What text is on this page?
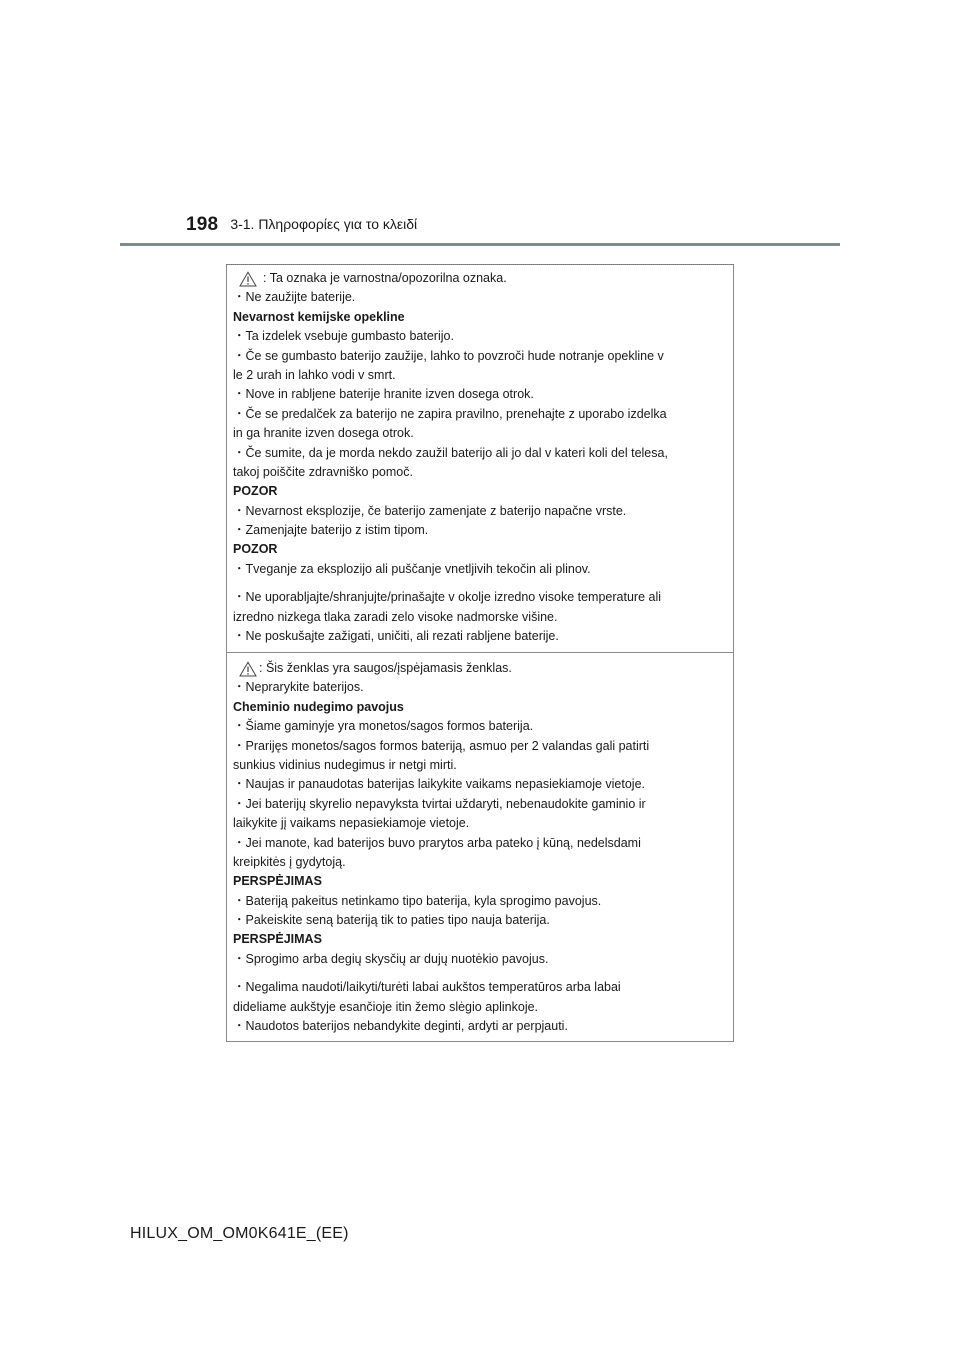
198 3-1. Πληροφορίες για το κλειδί
: Ta oznaka je varnostna/opozorilna oznaka.
・Ne zaužijte baterije.
Nevarnost kemijske opekline
・Ta izdelek vsebuje gumbasto baterijo.
・Če se gumbasto baterijo zaužije, lahko to povzroči hude notranje opekline v
le 2 urah in lahko vodi v smrt.
・Nove in rabljene baterije hranite izven dosega otrok.
・Če se predalček za baterijo ne zapira pravilno, prenehajte z uporabo izdelka
in ga hranite izven dosega otrok.
・Če sumite, da je morda nekdo zaužil baterijo ali jo dal v kateri koli del telesa,
takoj poiščite zdravniško pomoč.
POZOR
・Nevarnost eksplozije, če baterijo zamenjate z baterijo napačne vrste.
・Zamenjajte baterijo z istim tipom.
POZOR
・Tveganje za eksplozijo ali puščanje vnetljivih tekočin ali plinov.
・Ne uporabljajte/shranjujte/prinašajte v okolje izredno visoke temperature ali
izredno nizkega tlaka zaradi zelo visoke nadmorske višine.
・Ne poskušajte zažigati, uničiti, ali rezati rabljene baterije.
: Šis ženklas yra saugos/įspėjamasis ženklas.
・Neprarykite baterijos.
Cheminio nudegimo pavojus
・Šiame gaminyje yra monetos/sagos formos baterija.
・Prarijęs monetos/sagos formos bateriją, asmuo per 2 valandas gali patirti
sunkius vidinius nudegimus ir netgi mirti.
・Naujas ir panaudotas baterijas laikykite vaikams nepasiekiamoje vietoje.
・Jei baterijų skyrelio nepavyksta tvirtai uždaryti, nebenaudokite gaminio ir
laikykite jį vaikams nepasiekiamoje vietoje.
・Jei manote, kad baterijos buvo prarytos arba pateko į kūną, nedelsdami
kreipkitės į gydytoją.
PERSPĖJIMAS
・Bateriją pakeitus netinkamo tipo baterija, kyla sprogimo pavojus.
・Pakeiskite seną bateriją tik to paties tipo nauja baterija.
PERSPĖJIMAS
・Sprogimo arba degių skysčių ar dujų nuotėkio pavojus.
・Negalima naudoti/laikyti/turėti labai aukštos temperatūros arba labai
dideliame aukštyje esančioje itin žemo slėgio aplinkoje.
・Naudotos baterijos nebandykite deginti, ardyti ar perpjauti.
HILUX_OM_OM0K641E_(EE)
